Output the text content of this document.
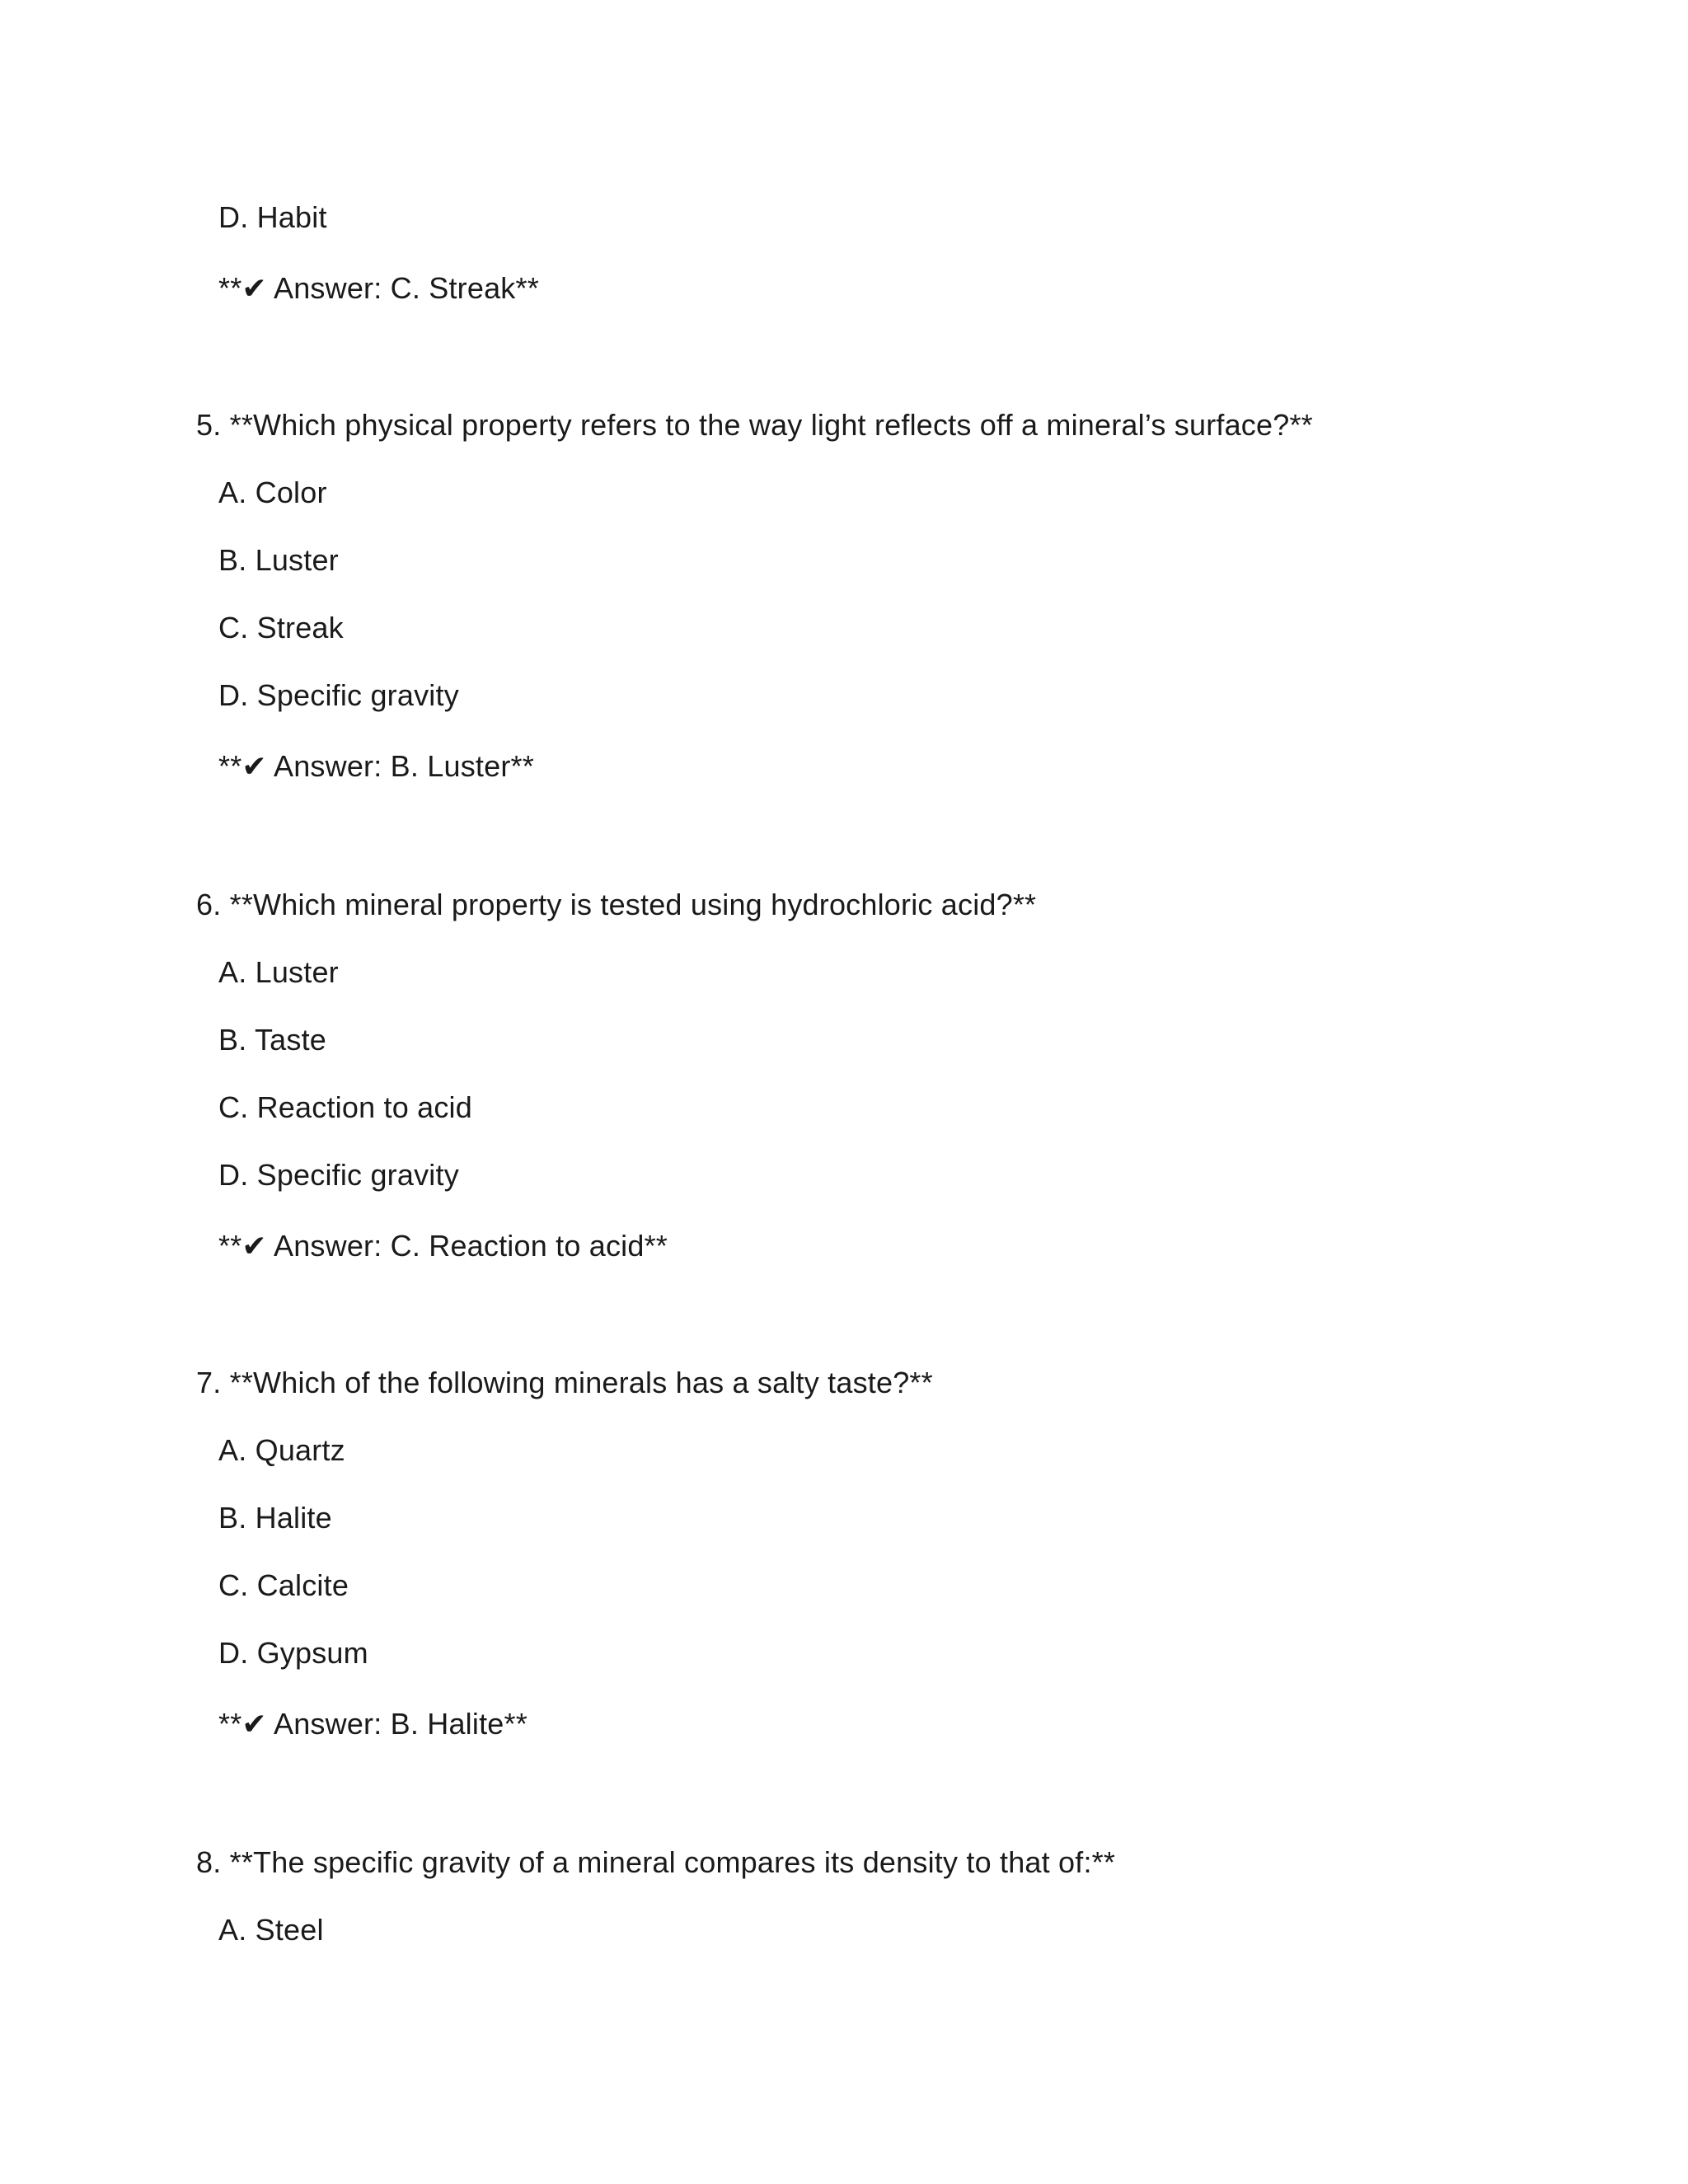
D. Habit
**✔ Answer: C. Streak**
5. **Which physical property refers to the way light reflects off a mineral’s surface?**
A. Color
B. Luster
C. Streak
D. Specific gravity
**✔ Answer: B. Luster**
6. **Which mineral property is tested using hydrochloric acid?**
A. Luster
B. Taste
C. Reaction to acid
D. Specific gravity
**✔ Answer: C. Reaction to acid**
7. **Which of the following minerals has a salty taste?**
A. Quartz
B. Halite
C. Calcite
D. Gypsum
**✔ Answer: B. Halite**
8. **The specific gravity of a mineral compares its density to that of:**
A. Steel
